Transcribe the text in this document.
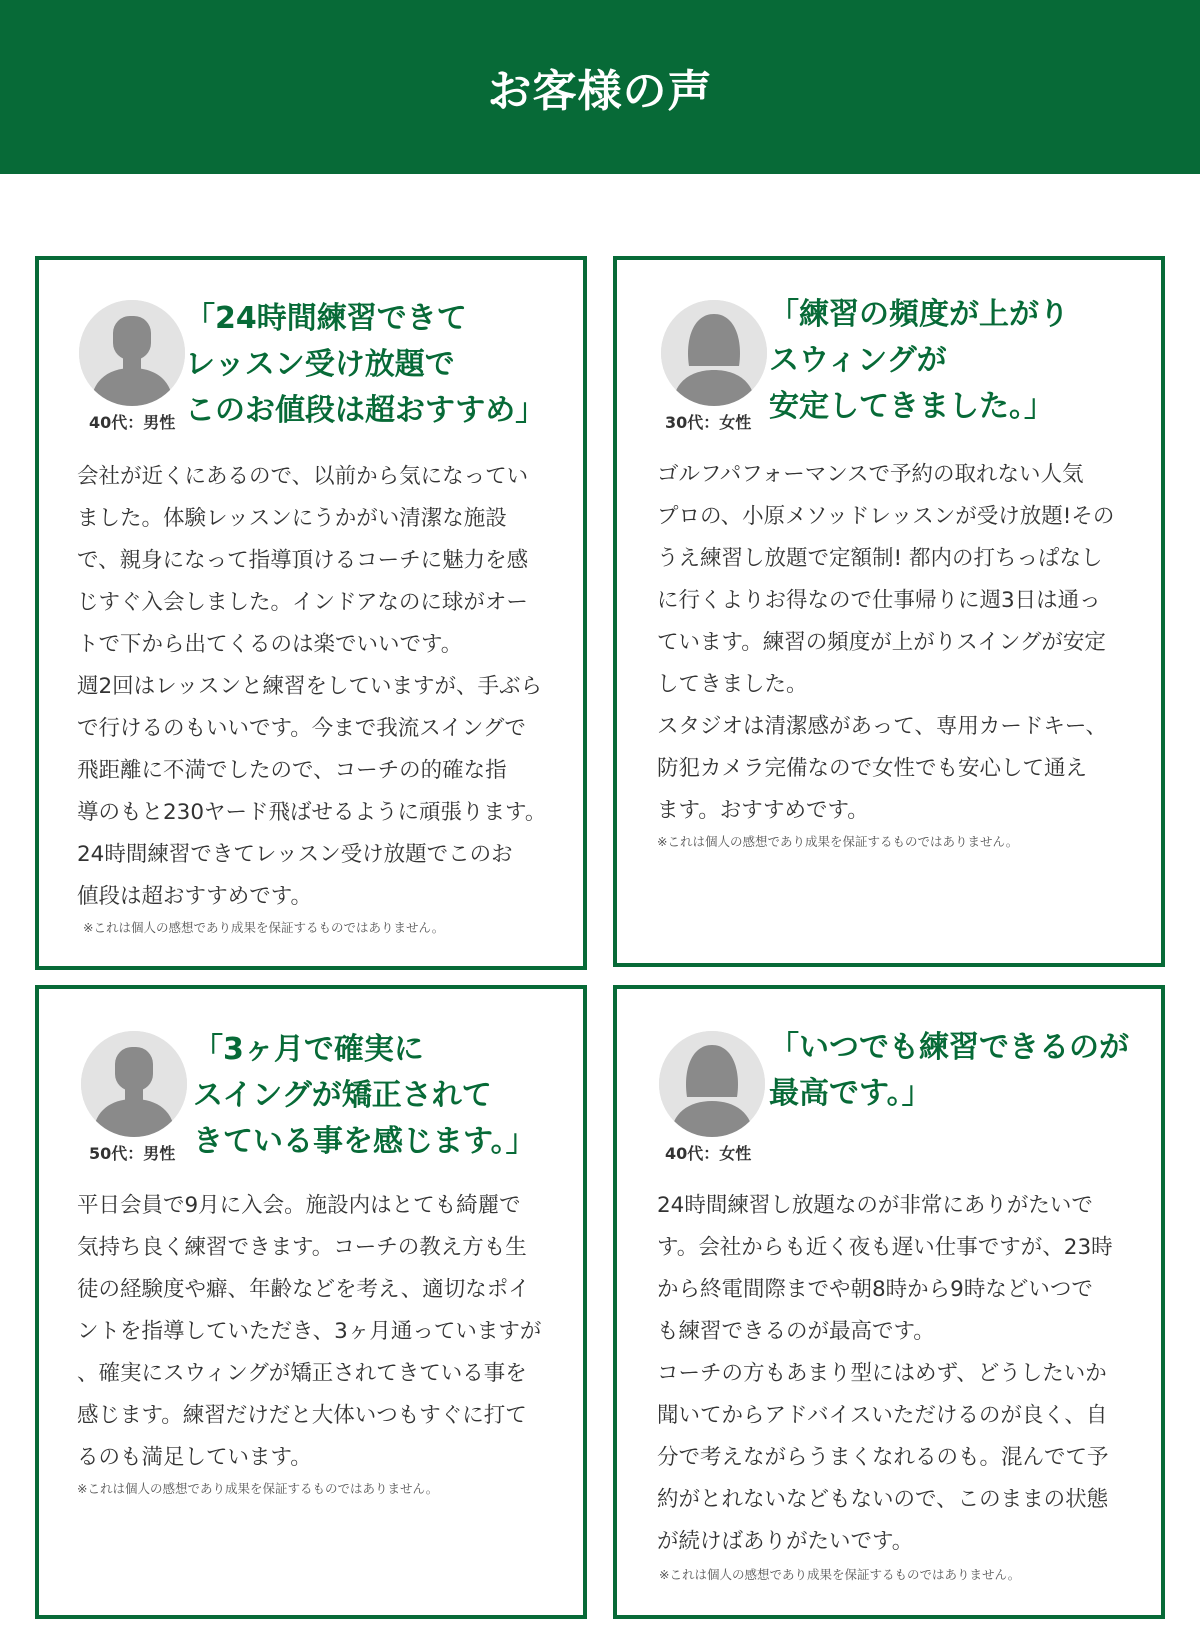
お客様の声
40代：男性
「24時間練習できて
レッスン受け放題で
このお値段は超おすすめ」
会社が近くにあるので、以前から気になってい
ました。体験レッスンにうかがい清潔な施設
で、親身になって指導頂けるコーチに魅力を感
じすぐ入会しました。インドアなのに球がオー
トで下から出てくるのは楽でいいです。
週2回はレッスンと練習をしていますが、手ぶら
で行けるのもいいです。今まで我流スイングで
飛距離に不満でしたので、コーチの的確な指
導のもと230ヤード飛ばせるように頑張ります。
24時間練習できてレッスン受け放題でこのお
値段は超おすすめです。
※これは個人の感想であり成果を保証するものではありません。
30代：女性
「練習の頻度が上がり
スウィングが
安定してきました。」
ゴルフパフォーマンスで予約の取れない人気
プロの、小原メソッドレッスンが受け放題!その
うえ練習し放題で定額制! 都内の打ちっぱなし
に行くよりお得なので仕事帰りに週3日は通っ
ています。練習の頻度が上がりスイングが安定
してきました。
スタジオは清潔感があって、専用カードキー、
防犯カメラ完備なので女性でも安心して通え
ます。おすすめです。
※これは個人の感想であり成果を保証するものではありません。
50代：男性
「3ヶ月で確実に
スイングが矯正されて
きている事を感じます。」
平日会員で9月に入会。施設内はとても綺麗で
気持ち良く練習できます。コーチの教え方も生
徒の経験度や癖、年齢などを考え、適切なポイ
ントを指導していただき、3ヶ月通っていますが
、確実にスウィングが矯正されてきている事を
感じます。練習だけだと大体いつもすぐに打て
るのも満足しています。
※これは個人の感想であり成果を保証するものではありません。
40代：女性
「いつでも練習できるのが
最高です。」
24時間練習し放題なのが非常にありがたいで
す。会社からも近く夜も遅い仕事ですが、23時
から終電間際までや朝8時から9時などいつで
も練習できるのが最高です。
コーチの方もあまり型にはめず、どうしたいか
聞いてからアドバイスいただけるのが良く、自
分で考えながらうまくなれるのも。混んでて予
約がとれないなどもないので、このままの状態
が続けばありがたいです。
※これは個人の感想であり成果を保証するものではありません。
